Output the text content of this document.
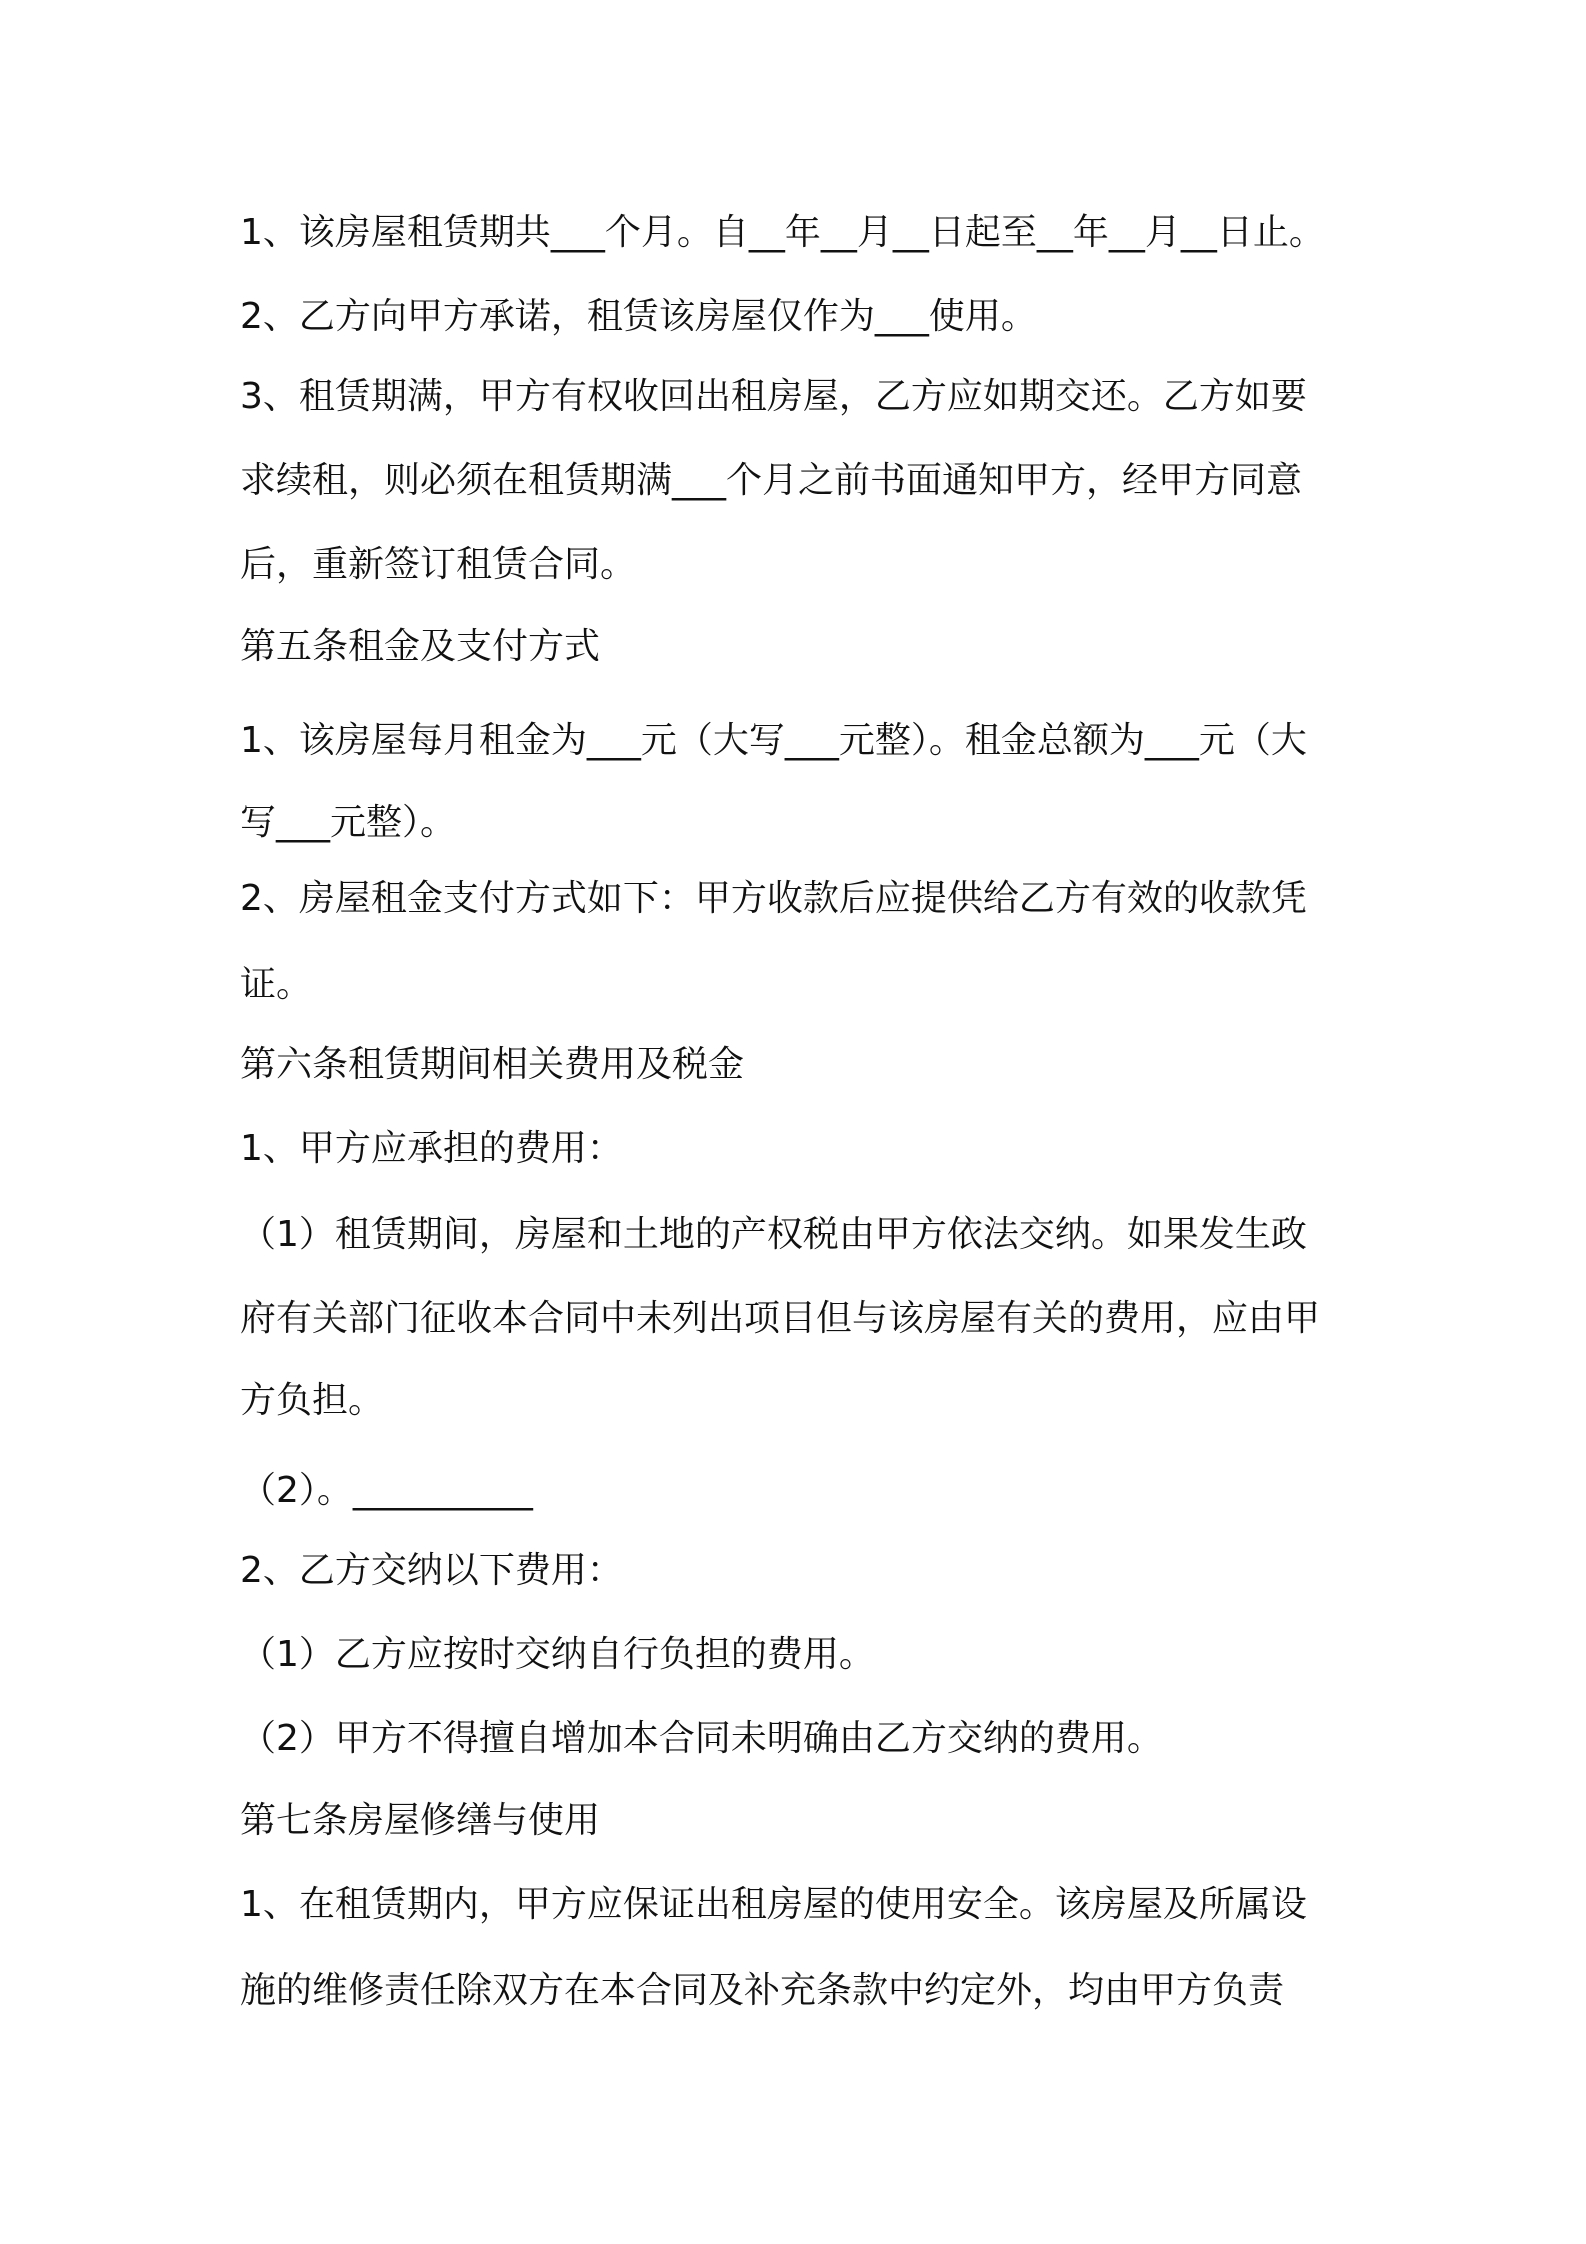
1、该房屋租赁期共___个月。自__年__月__日起至__年__月__日止。

2、乙方向甲方承诺，租赁该房屋仅作为___使用。

3、租赁期满，甲方有权收回出租房屋，乙方应如期交还。乙方如要

求续租，则必须在租赁期满___个月之前书面通知甲方，经甲方同意

后，重新签订租赁合同。

第五条租金及支付方式

1、该房屋每月租金为___元（大写___元整）。租金总额为___元（大

写___元整）。

2、房屋租金支付方式如下：甲方收款后应提供给乙方有效的收款凭

证。

第六条租赁期间相关费用及税金

1、甲方应承担的费用：

（1）租赁期间，房屋和土地的产权税由甲方依法交纳。如果发生政

府有关部门征收本合同中未列出项目但与该房屋有关的费用，应由甲

方负担。

（2）。__________

2、乙方交纳以下费用：

（1）乙方应按时交纳自行负担的费用。

（2）甲方不得擅自增加本合同未明确由乙方交纳的费用。

第七条房屋修缮与使用

1、在租赁期内，甲方应保证出租房屋的使用安全。该房屋及所属设

施的维修责任除双方在本合同及补充条款中约定外，均由甲方负责
